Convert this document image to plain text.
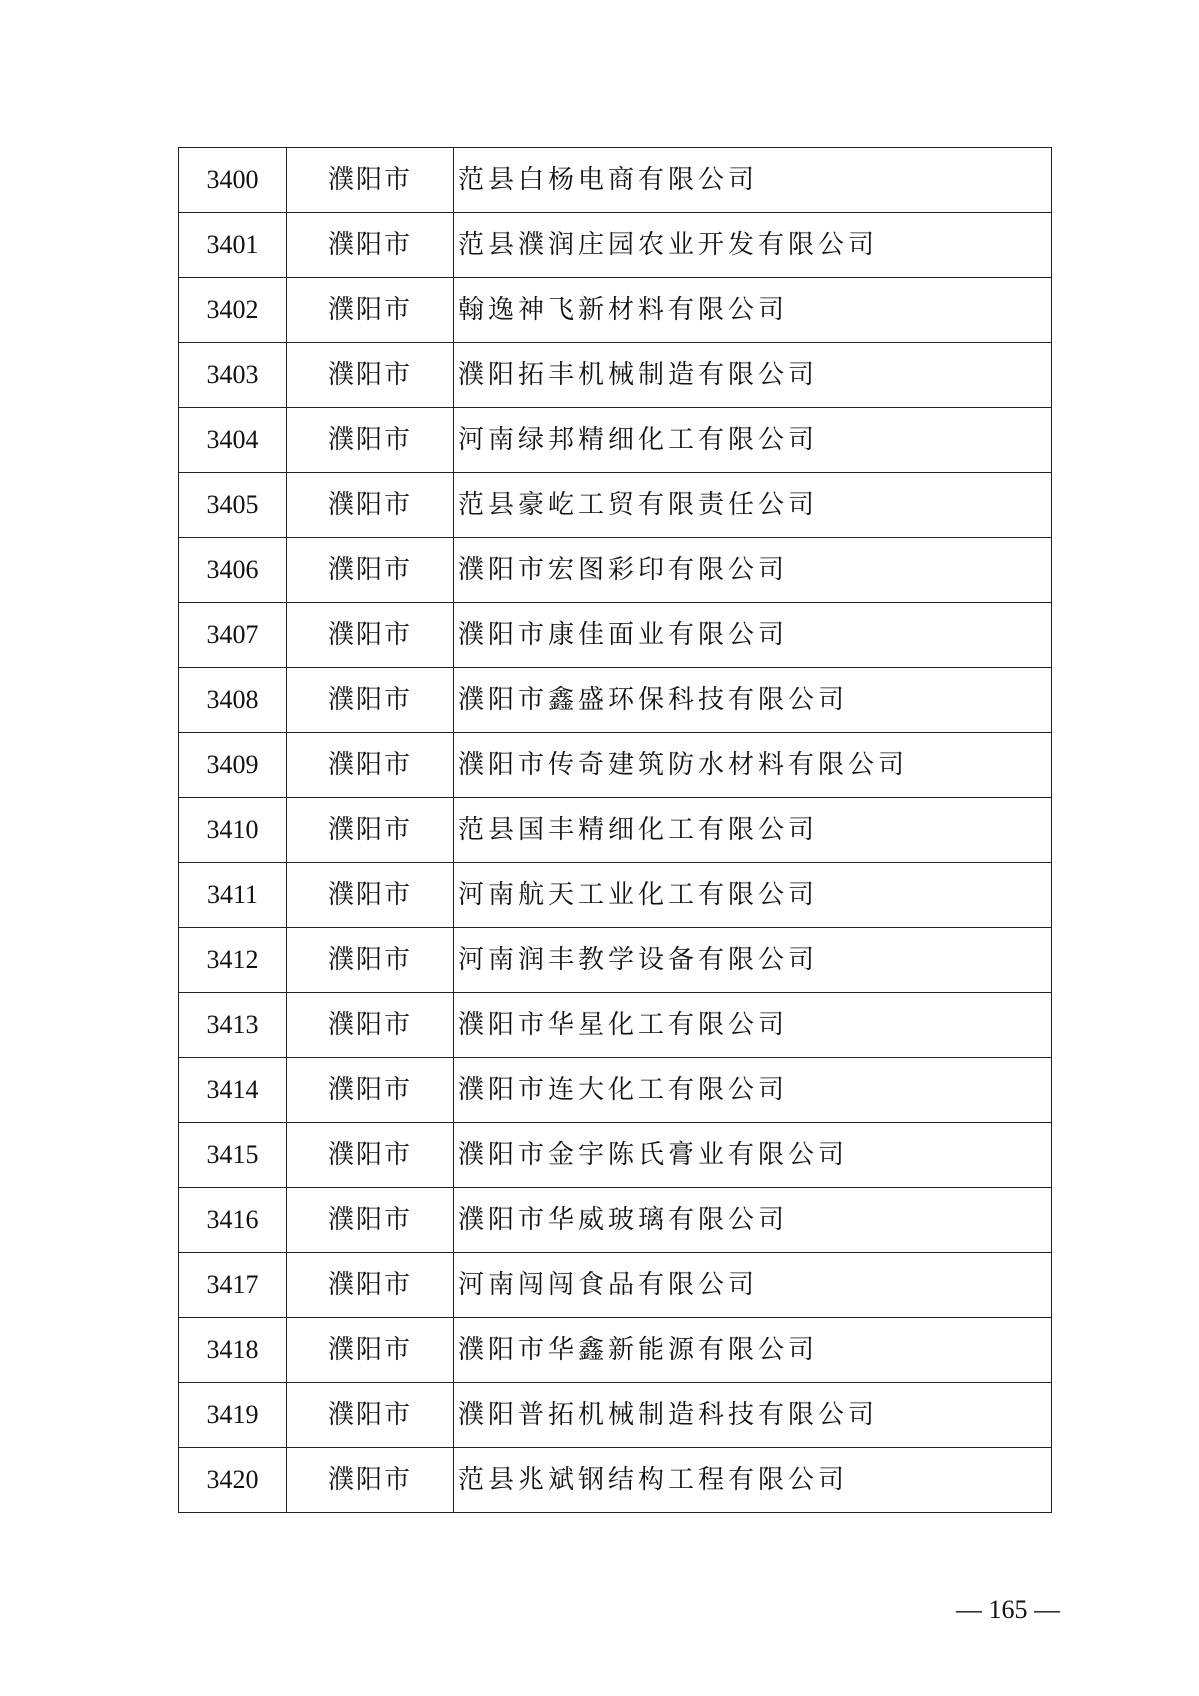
3400	濮阳市	范县白杨电商有限公司
3401	濮阳市	范县濮润庄园农业开发有限公司
3402	濮阳市	翰逸神飞新材料有限公司
3403	濮阳市	濮阳拓丰机械制造有限公司
3404	濮阳市	河南绿邦精细化工有限公司
3405	濮阳市	范县豪屹工贸有限责任公司
3406	濮阳市	濮阳市宏图彩印有限公司
3407	濮阳市	濮阳市康佳面业有限公司
3408	濮阳市	濮阳市鑫盛环保科技有限公司
3409	濮阳市	濮阳市传奇建筑防水材料有限公司
3410	濮阳市	范县国丰精细化工有限公司
3411	濮阳市	河南航天工业化工有限公司
3412	濮阳市	河南润丰教学设备有限公司
3413	濮阳市	濮阳市华星化工有限公司
3414	濮阳市	濮阳市连大化工有限公司
3415	濮阳市	濮阳市金宇陈氏膏业有限公司
3416	濮阳市	濮阳市华威玻璃有限公司
3417	濮阳市	河南闯闯食品有限公司
3418	濮阳市	濮阳市华鑫新能源有限公司
3419	濮阳市	濮阳普拓机械制造科技有限公司
3420	濮阳市	范县兆斌钢结构工程有限公司
— 165 —
